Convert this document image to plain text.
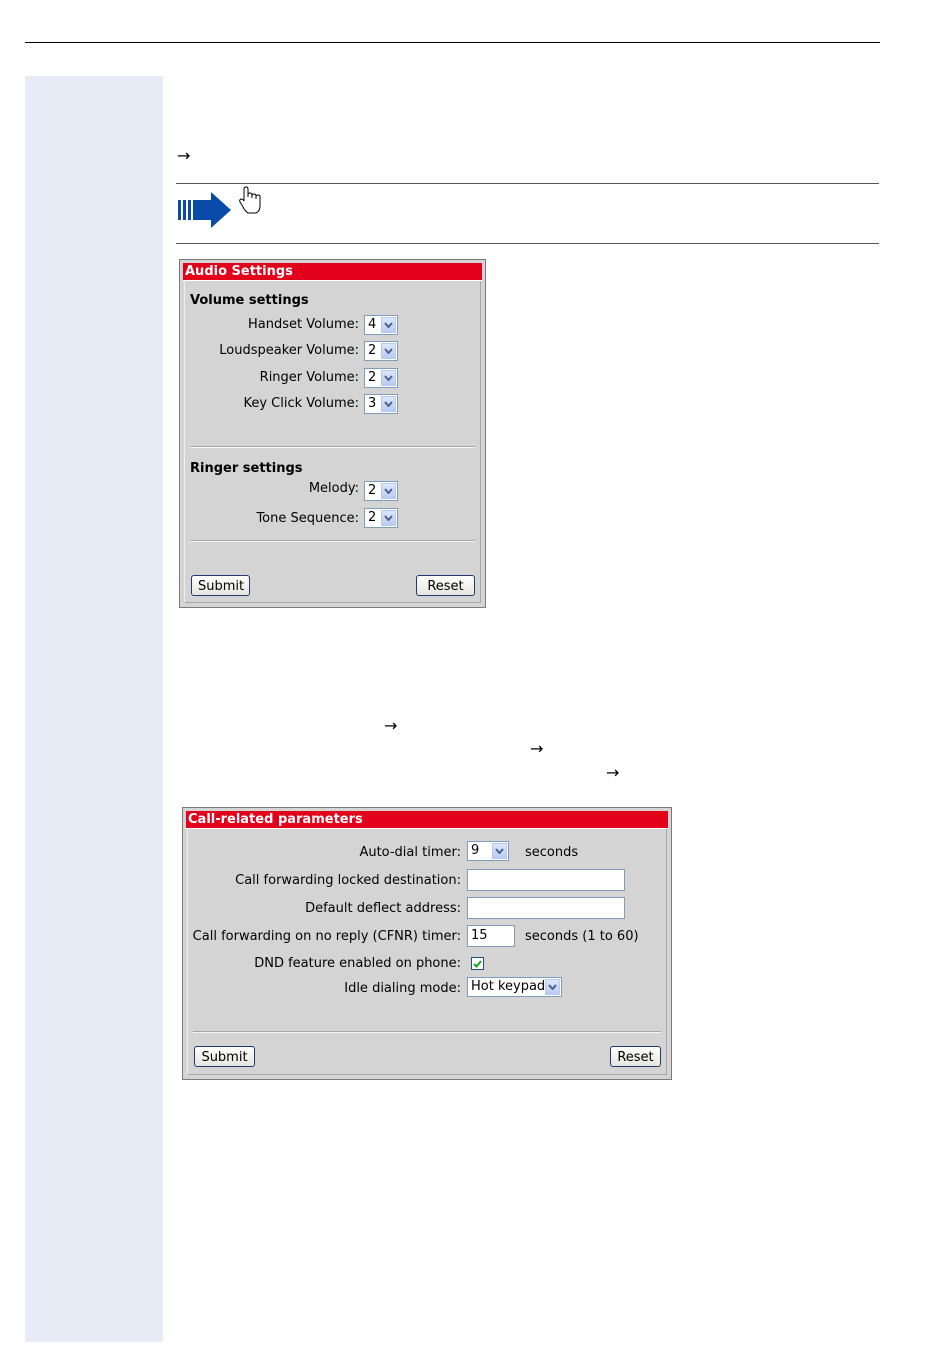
→
Audio Settings
Volume settings
Handset Volume: 4
Loudspeaker Volume: 2
Ringer Volume: 2
Key Click Volume: 3
Ringer settings
Melody: 2
Tone Sequence: 2
Submit	Reset
→
→
→
Call-related parameters
Auto-dial timer: 9	seconds
Call forwarding locked destination:
Default deflect address:
Call forwarding on no reply (CFNR) timer: 15	seconds (1 to 60)
DND feature enabled on phone:
Idle dialing mode: Hot keypad
Submit	Reset
